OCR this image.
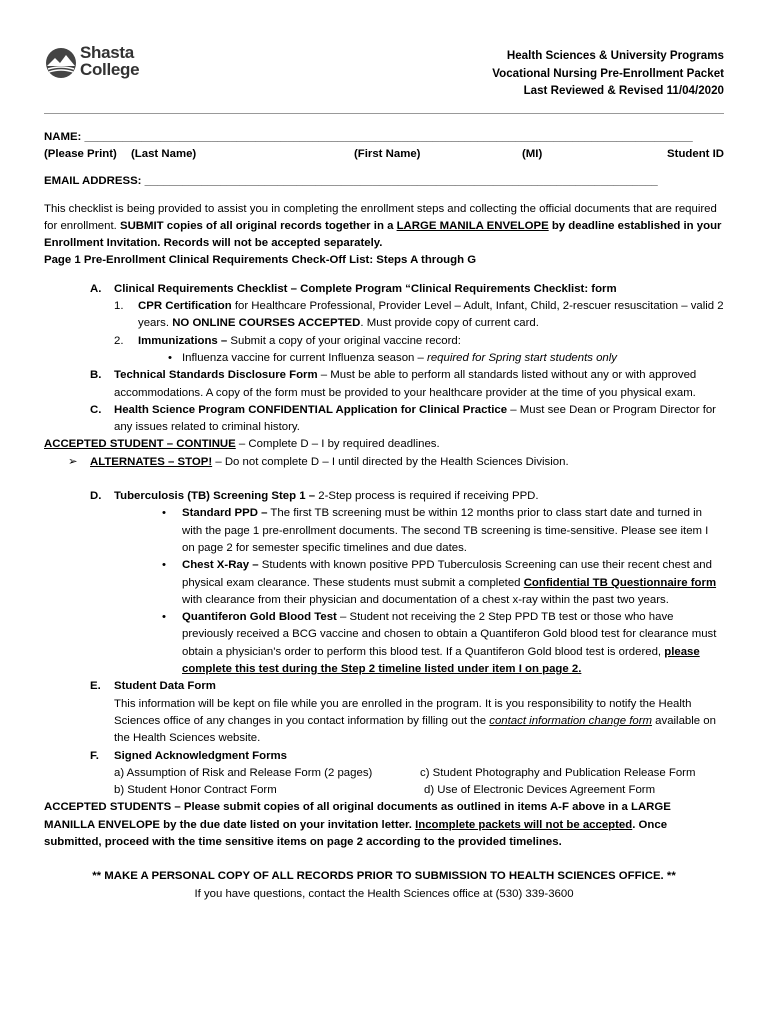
Shasta
College
Health Sciences & University Programs
Vocational Nursing Pre-Enrollment Packet
Last Reviewed & Revised 11/04/2020
NAME: ________________________________________________________________________________________________
(Please Print) (Last Name)	(First Name)	(MI)	Student ID
EMAIL ADDRESS: _________________________________________________________________________________
This checklist is being provided to assist you in completing the enrollment steps and collecting the official documents that are required for enrollment. SUBMIT copies of all original records together in a LARGE MANILA ENVELOPE by deadline established in your Enrollment Invitation. Records will not be accepted separately.
Page 1 Pre-Enrollment Clinical Requirements Check-Off List: Steps A through G
A. Clinical Requirements Checklist – Complete Program “Clinical Requirements Checklist: form
1. CPR Certification for Healthcare Professional, Provider Level – Adult, Infant, Child, 2-rescuer resuscitation – valid 2 years. NO ONLINE COURSES ACCEPTED. Must provide copy of current card.
2. Immunizations – Submit a copy of your original vaccine record:
• Influenza vaccine for current Influenza season – required for Spring start students only
B. Technical Standards Disclosure Form – Must be able to perform all standards listed without any or with approved accommodations. A copy of the form must be provided to your healthcare provider at the time of you physical exam.
C. Health Science Program CONFIDENTIAL Application for Clinical Practice – Must see Dean or Program Director for any issues related to criminal history.
ACCEPTED STUDENT – CONTINUE – Complete D – I by required deadlines.
➢ ALTERNATES – STOP! – Do not complete D – I until directed by the Health Sciences Division.
D. Tuberculosis (TB) Screening Step 1 – 2-Step process is required if receiving PPD.
• Standard PPD – The first TB screening must be within 12 months prior to class start date and turned in with the page 1 pre-enrollment documents. The second TB screening is time-sensitive. Please see item I on page 2 for semester specific timelines and due dates.
• Chest X-Ray – Students with known positive PPD Tuberculosis Screening can use their recent chest and physical exam clearance. These students must submit a completed Confidential TB Questionnaire form with clearance from their physician and documentation of a chest x-ray within the past two years.
• Quantiferon Gold Blood Test – Student not receiving the 2 Step PPD TB test or those who have previously received a BCG vaccine and chosen to obtain a Quantiferon Gold blood test for clearance must obtain a physician’s order to perform this blood test. If a Quantiferon Gold blood test is ordered, please complete this test during the Step 2 timeline listed under item I on page 2.
E. Student Data Form
This information will be kept on file while you are enrolled in the program. It is you responsibility to notify the Health Sciences office of any changes in you contact information by filling out the contact information change form available on the Health Sciences website.
F. Signed Acknowledgment Forms
a) Assumption of Risk and Release Form (2 pages)	c) Student Photography and Publication Release Form
b) Student Honor Contract Form	d) Use of Electronic Devices Agreement Form
ACCEPTED STUDENTS – Please submit copies of all original documents as outlined in items A-F above in a LARGE MANILLA ENVELOPE by the due date listed on your invitation letter. Incomplete packets will not be accepted. Once submitted, proceed with the time sensitive items on page 2 according to the provided timelines.
** MAKE A PERSONAL COPY OF ALL RECORDS PRIOR TO SUBMISSION TO HEALTH SCIENCES OFFICE. **
If you have questions, contact the Health Sciences office at (530) 339-3600
